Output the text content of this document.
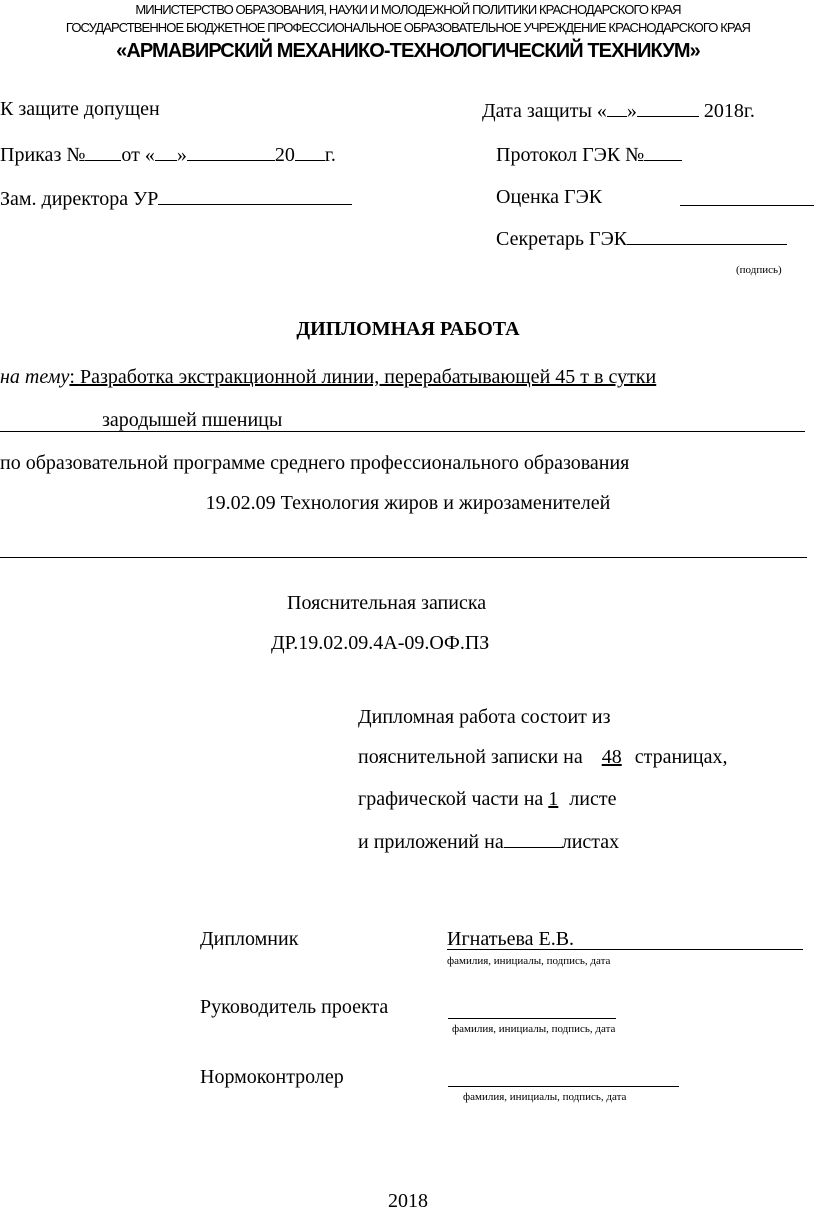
МИНИСТЕРСТВО ОБРАЗОВАНИЯ, НАУКИ И МОЛОДЕЖНОЙ ПОЛИТИКИ КРАСНОДАРСКОГО КРАЯ
ГОСУДАРСТВЕННОЕ БЮДЖЕТНОЕ ПРОФЕССИОНАЛЬНОЕ ОБРАЗОВАТЕЛЬНОЕ УЧРЕЖДЕНИЕ КРАСНОДАРСКОГО КРАЯ
«АРМАВИРСКИЙ МЕХАНИКО-ТЕХНОЛОГИЧЕСКИЙ ТЕХНИКУМ»
К защите допущен
Приказ № от « »	20 г.
Зам. директора УР
Дата защиты « »	2018г.
Протокол ГЭК №
Оценка ГЭК
Секретарь ГЭК
(подпись)
ДИПЛОМНАЯ РАБОТА
на тему: Разработка экстракционной линии, перерабатывающей 45 т в сутки
зародышей пшеницы
по образовательной программе среднего профессионального образования
19.02.09 Технология жиров и жирозаменителей
Пояснительная записка
ДР.19.02.09.4А-09.ОФ.ПЗ
Дипломная работа состоит из
пояснительной записки на 48 страницах,
графической части на 1 листе
и приложений на	листах
Дипломник	Игнатьева Е.В.
фамилия, инициалы, подпись, дата
Руководитель проекта
фамилия, инициалы, подпись, дата
Нормоконтролер
фамилия, инициалы, подпись, дата
2018
